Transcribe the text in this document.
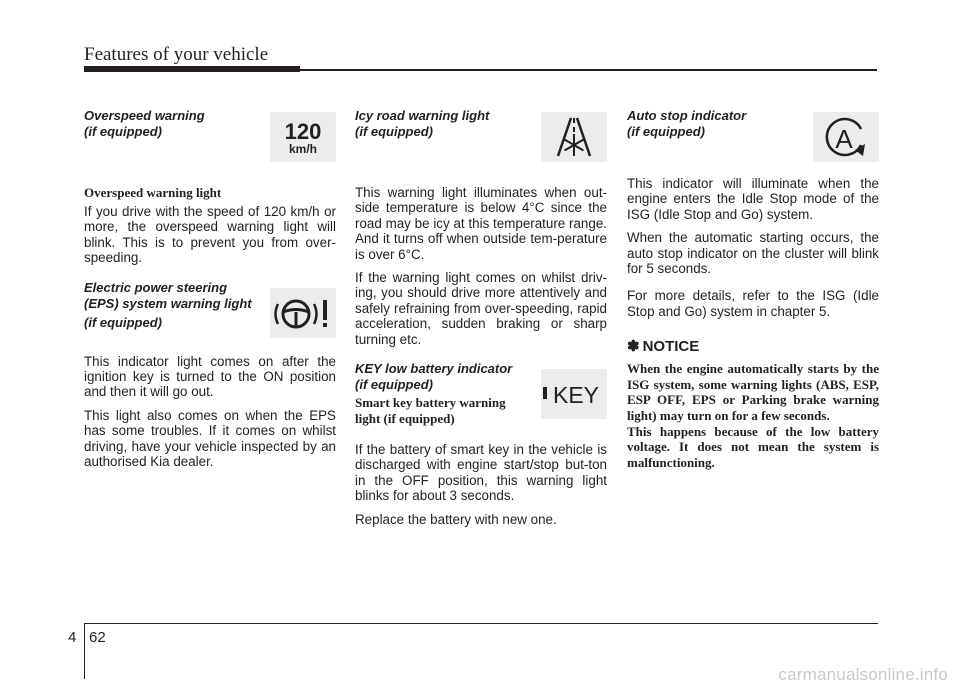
Features of your vehicle
Overspeed warning
(if equipped)	120
km/h
Overspeed warning light

If you drive with the speed of 120 km/h or more, the overspeed warning light will blink. This is to prevent you from over-speeding.

Electric power steering
(EPS) system warning light
(if equipped)

This indicator light comes on after the ignition key is turned to the ON position and then it will go out.

This light also comes on when the EPS has some troubles. If it comes on whilst driving, have your vehicle inspected by an authorised Kia dealer.

Icy road warning light
(if equipped)

This warning light illuminates when out-side temperature is below 4°C since the road may be icy at this temperature range. And it turns off when outside tem-perature is over 6°C.

If the warning light comes on whilst driv-ing, you should drive more attentively and safely refraining from over-speeding, rapid acceleration, sudden braking or sharp turning etc.

KEY low battery indicator
(if equipped)	KEY
Smart key battery warning
light (if equipped)

If the battery of smart key in the vehicle is discharged with engine start/stop but-ton in the OFF position, this warning light blinks for about 3 seconds.

Replace the battery with new one.

Auto stop indicator
(if equipped)	A

This indicator will illuminate when the engine enters the Idle Stop mode of the ISG (Idle Stop and Go) system.

When the automatic starting occurs, the auto stop indicator on the cluster will blink for 5 seconds.

For more details, refer to the ISG (Idle Stop and Go) system in chapter 5.

✽ NOTICE

When the engine automatically starts by the ISG system, some warning lights (ABS, ESP, ESP OFF, EPS or Parking brake warning light) may turn on for a few seconds.

This happens because of the low battery voltage. It does not mean the system is malfunctioning.

4 62
carmanualsonline.info
